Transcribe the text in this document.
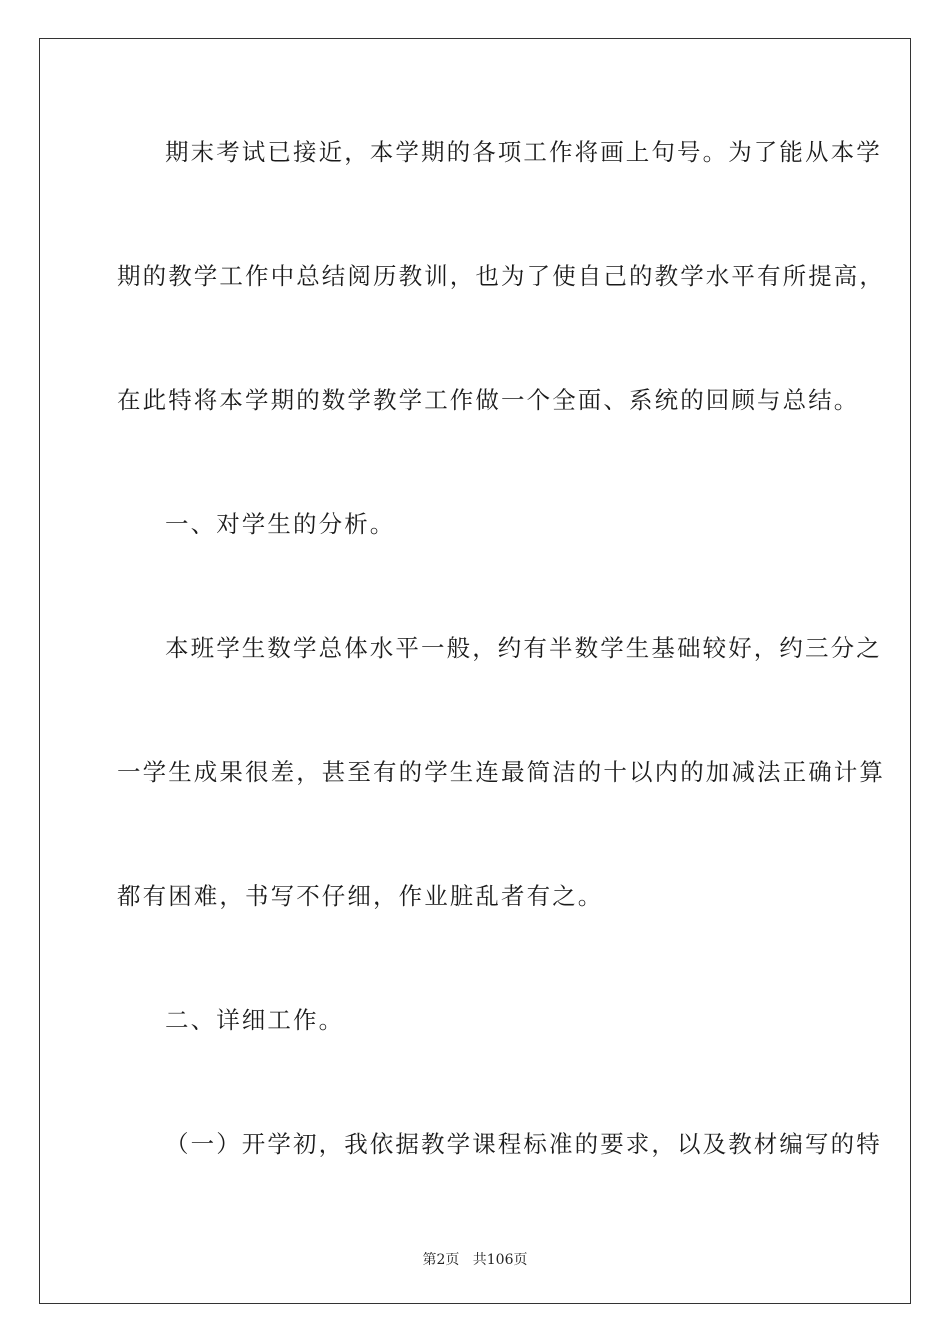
期末考试已接近，本学期的各项工作将画上句号。为了能从本学
期的教学工作中总结阅历教训，也为了使自己的教学水平有所提高，
在此特将本学期的数学教学工作做一个全面、系统的回顾与总结。
一、对学生的分析。
本班学生数学总体水平一般，约有半数学生基础较好，约三分之
一学生成果很差，甚至有的学生连最简洁的十以内的加减法正确计算
都有困难，书写不仔细，作业脏乱者有之。
二、详细工作。
（一）开学初，我依据教学课程标准的要求，以及教材编写的特
第2页 共106页
